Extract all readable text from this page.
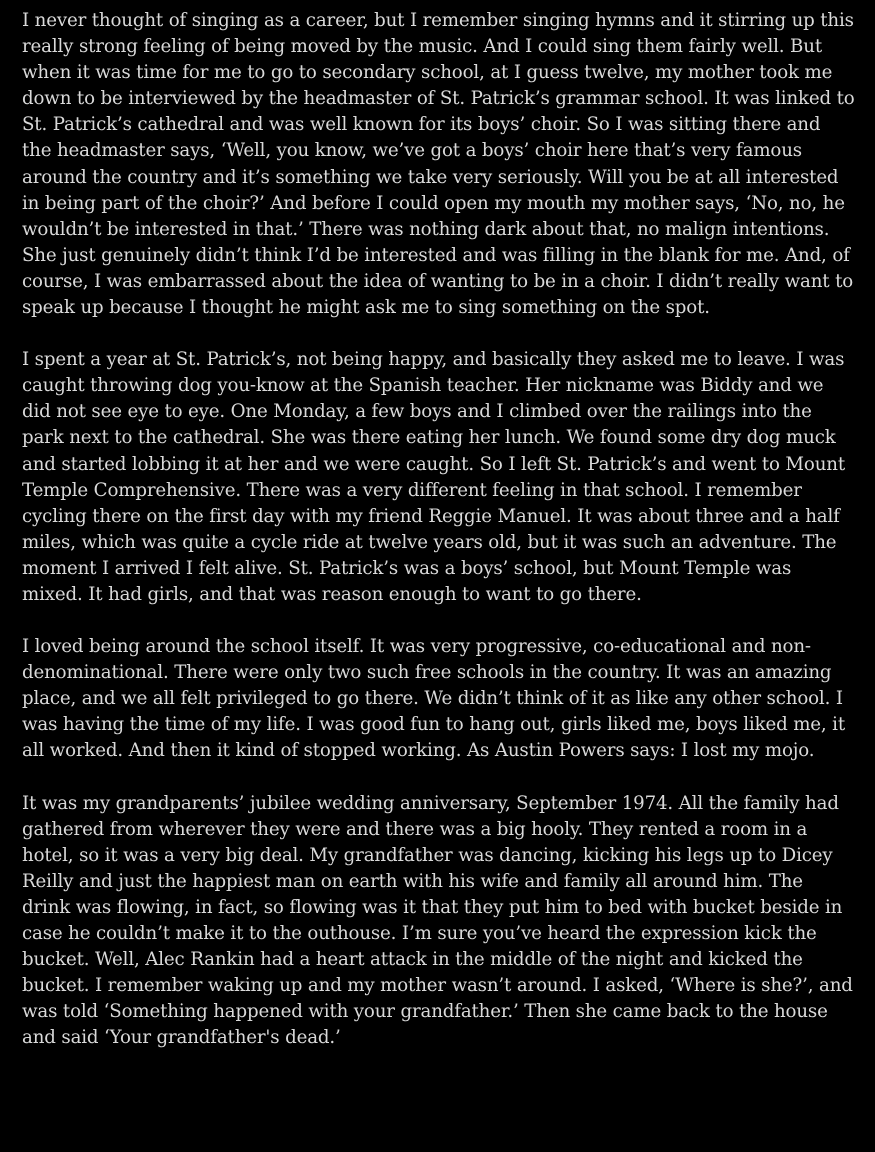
I never thought of singing as a career, but I remember singing hymns and it stirring up this really strong feeling of being moved by the music. And I could sing them fairly well. But when it was time for me to go to secondary school, at I guess twelve, my mother took me down to be interviewed by the headmaster of St. Patrick’s grammar school. It was linked to St. Patrick’s cathedral and was well known for its boys’ choir. So I was sitting there and the headmaster says, ‘Well, you know, we’ve got a boys’ choir here that’s very famous around the country and it’s something we take very seriously. Will you be at all interested in being part of the choir?’ And before I could open my mouth my mother says, ‘No, no, he wouldn’t be interested in that.’ There was nothing dark about that, no malign intentions. She just genuinely didn’t think I’d be interested and was filling in the blank for me. And, of course, I was embarrassed about the idea of wanting to be in a choir. I didn’t really want to speak up because I thought he might ask me to sing something on the spot.

I spent a year at St. Patrick’s, not being happy, and basically they asked me to leave. I was caught throwing dog you-know at the Spanish teacher. Her nickname was Biddy and we did not see eye to eye. One Monday, a few boys and I climbed over the railings into the park next to the cathedral. She was there eating her lunch. We found some dry dog muck and started lobbing it at her and we were caught. So I left St. Patrick’s and went to Mount Temple Comprehensive. There was a very different feeling in that school. I remember cycling there on the first day with my friend Reggie Manuel. It was about three and a half miles, which was quite a cycle ride at twelve years old, but it was such an adventure. The moment I arrived I felt alive. St. Patrick’s was a boys’ school, but Mount Temple was mixed. It had girls, and that was reason enough to want to go there.

I loved being around the school itself. It was very progressive, co-educational and non-denominational. There were only two such free schools in the country. It was an amazing place, and we all felt privileged to go there. We didn’t think of it as like any other school. I was having the time of my life. I was good fun to hang out, girls liked me, boys liked me, it all worked. And then it kind of stopped working. As Austin Powers says: I lost my mojo.

It was my grandparents’ jubilee wedding anniversary, September 1974. All the family had gathered from wherever they were and there was a big hooly. They rented a room in a hotel, so it was a very big deal. My grandfather was dancing, kicking his legs up to Dicey Reilly and just the happiest man on earth with his wife and family all around him. The drink was flowing, in fact, so flowing was it that they put him to bed with bucket beside in case he couldn’t make it to the outhouse. I’m sure you’ve heard the expression kick the bucket. Well, Alec Rankin had a heart attack in the middle of the night and kicked the bucket. I remember waking up and my mother wasn’t around. I asked, ‘Where is she?’, and was told ‘Something happened with your grandfather.’ Then she came back to the house and said ‘Your grandfather's dead.’
